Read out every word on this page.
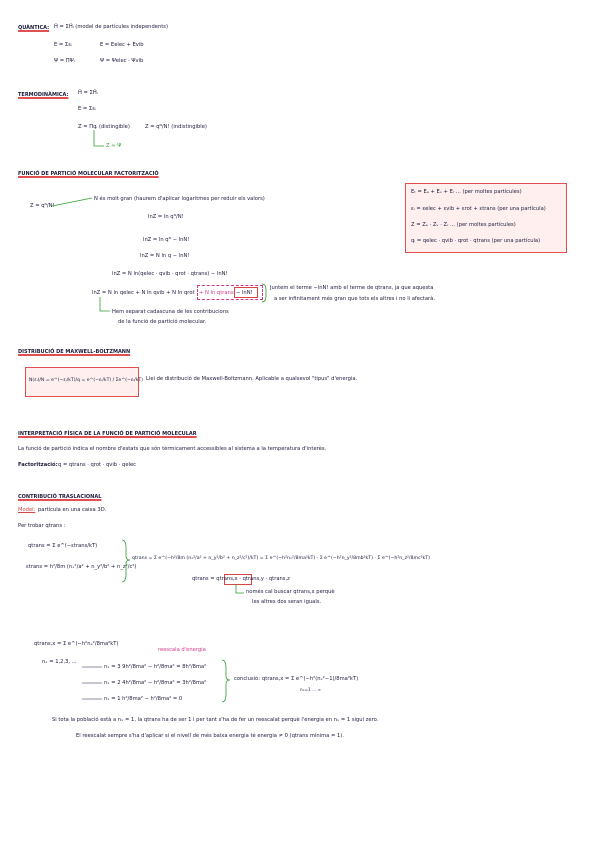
QUÀNTICA: Ĥ = ΣĤᵢ (model de partícules independents)
E = Σεᵢ	E = Eelec + Evib
Ψ = ΠΨᵢ	Ψ = Ψelec · Ψvib
TERMODINÀMICA: Ĥ = ΣĤᵢ
E = Σεᵢ
Z = Πqᵢ (distingible)	Z = qᴺ/N! (indistingible)
Z ≈ Ψ
FUNCIÓ DE PARTICIÓ MOLECULAR FACTORITZACIÓ
Z = qᴺ/N!
N és molt gran (haurem d'aplicar logaritmes per reduir els valors)
lnZ = ln qᴺ/N!
lnZ = ln qᴺ − lnN!
lnZ = N ln q − lnN!
lnZ = N ln(qelec · qvib · qrot · qtrans) − lnN!
lnZ = N ln qelec + N ln qvib + N ln qrot + N ln qtrans − lnN!
Juntem el terme −lnN! amb el terme de qtrans, ja que aquesta
a ser infinitament més gran que tots els altres i no li afectarà.
Hem separat cadascuna de les contribucions
de la funció de partició molecular.
Eₜ = Eₑ + Eᵥ + Eᵣ ... (per moltes partícules)
εᵢ = εelec + εvib + εrot + εtrans (per una partícula)
Z = Zₑ · Zᵥ · Zᵣ ... (per moltes partícules)
qᵢ = qelec · qvib · qrot · qtrans (per una partícula)
DISTRIBUCIÓ DE MAXWELL-BOLTZMANN
N(εᵢ)/N = e^(−εᵢ/kT)/q = e^(−εᵢ/kT) / Σe^(−εᵢ/kT) Llei de distribució de Maxwell-Boltzmann. Aplicable a qualsevol "tipus" d'energia.
INTERPRETACIÓ FÍSICA DE LA FUNCIÓ DE PARTICIÓ MOLECULAR
La funció de partició indica el nombre d'estats que són tèrmicament accessibles al sistema a la temperatura d'interès.
Factorització: q = qtrans · qrot · qvib · qelec
CONTRIBUCIÓ TRASLACIONAL
Model: partícula en una caixa 3D.
Per trobar qtrans :
qtrans = Σ e^(−εtrans/kT)
εtrans = h²/8m (nₓ²/a² + n_y²/b² + n_z²/c²)
qtrans = Σ e^(−h²/8m (nₓ²/a² + n_y²/b² + n_z²/c²)/kT) = Σ e^(−h²nₓ²/8ma²kT) · Σ e^(−h²n_y²/8mb²kT) · Σ e^(−h²n_z²/8mc²kT)
qtrans = qtrans,x · qtrans,y · qtrans,z
només cal buscar qtrans,x perquè
les altres dos seran iguals.
qtrans,x = Σ e^(−h²nₓ²/8ma²kT)
reescala d'energia
nₓ = 1,2,3, ...
nₓ = 3 9h²/8ma² − h²/8ma² = 8h²/8ma²
nₓ = 2 4h²/8ma² − h²/8ma² = 3h²/8ma²
nₓ = 1 h²/8ma² − h²/8ma² = 0
conclusió: qtrans,x = Σ e^(−h²(nₓ²−1)/8ma²kT)
nₓ=1 … ∞
Si tota la població està a nₓ = 1, la qtrans ha de ser 1 i per tant s'ha de fer un reescalat perquè l'energia en nₓ = 1 sigui zero.
El reescalat sempre s'ha d'aplicar si el nivell de més baixa energia té energia ≠ 0 (qtrans mínima = 1).
